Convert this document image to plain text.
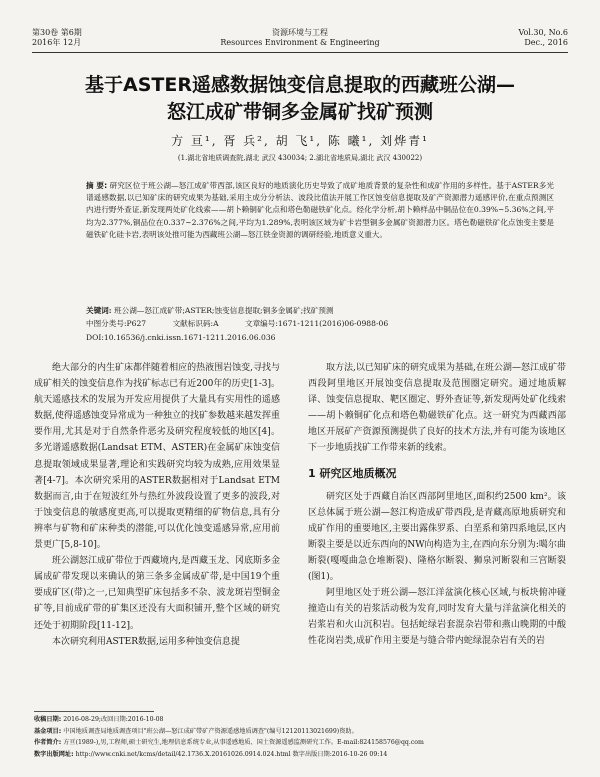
第30卷 第6期
2016年 12月
资源环境与工程
Resources Environment & Engineering
Vol.30, No.6
Dec., 2016
基于ASTER遥感数据蚀变信息提取的西藏班公湖—
怒江成矿带铜多金属矿找矿预测
方 亘¹, 胥 兵², 胡 飞¹, 陈 曦¹, 刘烨青¹
(1.湖北省地质调查院,湖北 武汉 430034; 2.湖北省地质局,湖北 武汉 430022)
摘 要: 研究区位于班公湖—怒江成矿带西部,该区良好的地质演化历史导致了成矿地质背景的复杂性和成矿作用的多样性。基于ASTER多光谱遥感数据,以已知矿床的研究成果为基础,采用主成分分析法、波段比值法开展工作区蚀变信息提取及矿产资源潜力遥感评价,在重点预测区内进行野外查证,新发现两处矿化线索——胡卜赖铜矿化点和塔色勒磁铁矿化点。经化学分析,胡卜赖样品中铜品位在0.39%~5.36%之间,平均为2.377%,铜品位在0.337~2.376%之间,平均为1.289%,表明该区域为矿卡岩型铜多金属矿资源潜力区。塔色勒磁铁矿化点蚀变主要是磁铁矿化硅卡岩,表明该处推可能为西藏班公湖—怒江铁金资源的调研经验,地质意义重大。
关键词: 班公湖—怒江成矿带;ASTER;蚀变信息提取;铜多金属矿;找矿预测
中图分类号:P627	文献标识码:A	文章编号:1671-1211(2016)06-0988-06
DOI:10.16536/j.cnki.issn.1671-1211.2016.06.036

绝大部分的内生矿床都伴随着相应的热液围岩蚀变,寻找与成矿相关的蚀变信息作为找矿标志已有近200年的历史[1-3]。航天遥感技术的发展为开发应用提供了大量具有实用性的遥感数据,使得遥感蚀变异常成为一种独立的找矿参数越来越发挥重要作用,尤其是对于自然条件恶劣及研究程度较低的地区[4]。多光谱遥感数据(Landsat ETM、ASTER)在金属矿床蚀变信息提取领域成果显著,理论和实践研究均较为成熟,应用效果显著[4-7]。本次研究采用的ASTER数据相对于Landsat ETM数据而言,由于在短波红外与热红外波段设置了更多的波段,对于蚀变信息的敏感度更高,可以提取更精细的矿物信息,具有分辨率与矿物和矿床种类的潜能,可以优化蚀变遥感异常,应用前景更广[5,8-10]。

班公湖怒江成矿带位于西藏境内,是西藏玉龙、冈底斯多金属成矿带发现以来确认的第三条多金属成矿带,是中国19个重要成矿区(带)之一,已知典型矿床包括多不杂、波龙斑岩型铜金矿等,目前成矿带的矿集区还没有大面积铺开,整个区域的研究还处于初期阶段[11-12]。

本次研究利用ASTER数据,运用多种蚀变信息提

取方法,以已知矿床的研究成果为基础,在班公湖—怒江成矿带西段阿里地区开展蚀变信息提取及范围圈定研究。通过地质解译、蚀变信息提取、靶区圈定、野外查证等,新发现两处矿化线索——胡卜赖铜矿化点和塔色勒磁铁矿化点。这一研究为西藏西部地区开展矿产资源预测提供了良好的技术方法,并有可能为该地区下一步地质找矿工作带来新的线索。

1 研究区地质概况

研究区处于西藏自治区西部阿里地区,面积约2500 km²。该区总体属于班公湖—怒江构造成矿带西段,是青藏高原地质研究和成矿作用的重要地区,主要出露侏罗系、白垩系和第四系地层,区内断裂主要是以近东西向的NW向构造为主,在西向东分别为:噶尔曲断裂(嘎嘎曲急仓堆断裂)、隆格尔断裂、狮泉河断裂和三宫断裂(图1)。

阿里地区处于班公湖—怒江洋盆演化核心区域,与板块俯冲碰撞造山有关的岩浆活动极为发育,同时发育大量与洋盆演化相关的岩浆岩和火山沉积岩。包括蛇绿岩套混杂岩带和燕山晚期的中酸性花岗岩类,成矿作用主要是与缝合带内蛇绿混杂岩有关的岩

收稿日期: 2016-08-29;改回日期:2016-10-08
基金项目: 中国地质调查局地质调查项目"班公湖—怒江成矿带矿产资源遥感地质调查"(编号12120113021699)资助。
作者简介: 方亘(1989-),男,工程师,硕士研究生,地理信息系统专业,从事遥感地质、国土资源遥感监测研究工作。E-mail:824158576@qq.com
数字出版网址: http://www.cnki.net/kcms/detail/42.1736.X.20161026.0914.024.html 数字出版日期:2016-10-26 09:14
